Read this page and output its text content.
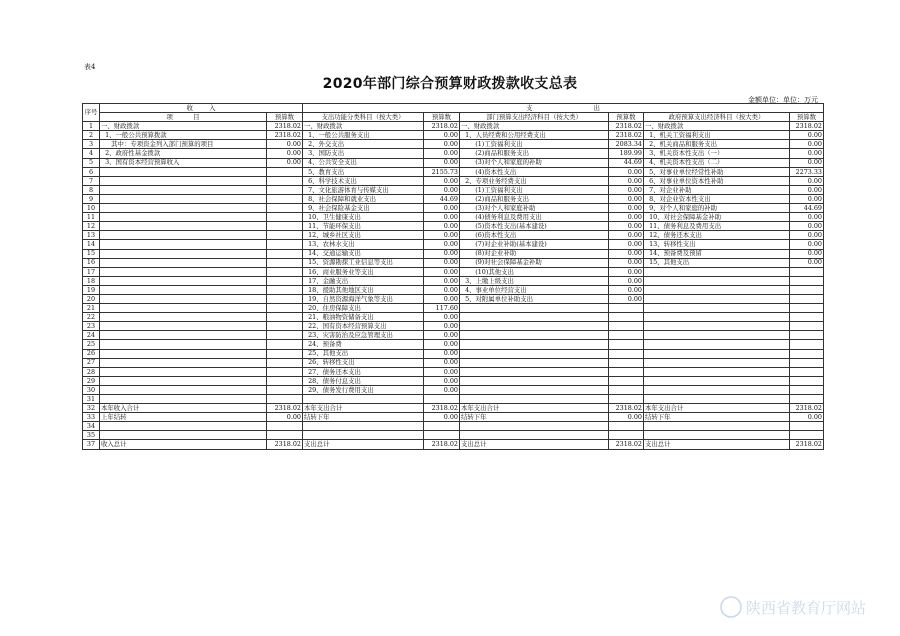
表4
2020年部门综合预算财政拨款收支总表
金额单位：单位：万元
序号	收        入		支                              出					
	项          目	预算数	支出功能分类科目（按大类）	预算数	部门预算支出经济科目（按大类）	预算数	政府预算支出经济科目（按大类）	预算数
1	一、财政拨款	2318.02	一、财政拨款	2318.02	一、财政拨款	2318.02	一、财政拨款	2318.02
2	1、一般公共预算拨款	2318.02	1、一般公共服务支出	0.00	1、人员经费和公用经费支出	2318.02	1、机关工资福利支出	0.00
3	其中：专项资金列入部门预算的项目	0.00	2、外交支出	0.00	(1)工资福利支出	2083.34	2、机关商品和服务支出	0.00
4	2、政府性基金拨款	0.00	3、国防支出	0.00	(2)商品和服务支出	189.99	3、机关资本性支出（一）	0.00
5	3、国有资本经营预算收入	0.00	4、公共安全支出	0.00	(3)对个人和家庭的补助	44.69	4、机关资本性支出（二）	0.00
6			5、教育支出	2155.73	(4)资本性支出	0.00	5、对事业单位经常性补助	2273.33
7			6、科学技术支出	0.00	2、专项业务经费支出	0.00	6、对事业单位资本性补助	0.00
8			7、文化旅游体育与传媒支出	0.00	(1)工资福利支出	0.00	7、对企业补助	0.00
9			8、社会保障和就业支出	44.69	(2)商品和服务支出	0.00	8、对企业资本性支出	0.00
10			9、社会保险基金支出	0.00	(3)对个人和家庭补助	0.00	9、对个人和家庭的补助	44.69
11			10、卫生健康支出	0.00	(4)债务利息及费用支出	0.00	10、对社会保障基金补助	0.00
12			11、节能环保支出	0.00	(5)资本性支出(基本建设)	0.00	11、债务利息及费用支出	0.00
13			12、城乡社区支出	0.00	(6)资本性支出	0.00	12、债务还本支出	0.00
14			13、农林水支出	0.00	(7)对企业补助(基本建设)	0.00	13、转移性支出	0.00
15			14、交通运输支出	0.00	(8)对企业补助	0.00	14、预备费及预留	0.00
16			15、资源勘探工业信息等支出	0.00	(9)对社会保障基金补助	0.00	15、其他支出	0.00
17			16、商业服务业等支出	0.00	(10)其他支出	0.00		
18			17、金融支出	0.00	3、上缴上级支出	0.00		
19			18、援助其他地区支出	0.00	4、事业单位经营支出	0.00		
20			19、自然资源海洋气象等支出	0.00	5、对附属单位补助支出	0.00		
21			20、住房保障支出	117.60				
22			21、粮油物资储备支出	0.00				
23			22、国有资本经营预算支出	0.00				
24			23、灾害防治及应急管理支出	0.00				
25			24、预备费	0.00				
26			25、其他支出	0.00				
27			26、转移性支出	0.00				
28			27、债务还本支出	0.00				
29			28、债务付息支出	0.00				
30			29、债务发行费用支出	0.00				
31								
32	本年收入合计	2318.02	本年支出合计	2318.02	本年支出合计	2318.02	本年支出合计	2318.02
33	上年结转	0.00	结转下年	0.00	结转下年	0.00	结转下年	0.00
34								
35								
37	收入总计	2318.02	支出总计	2318.02	支出总计	2318.02	支出总计	2318.02
陕西省教育厅网站
